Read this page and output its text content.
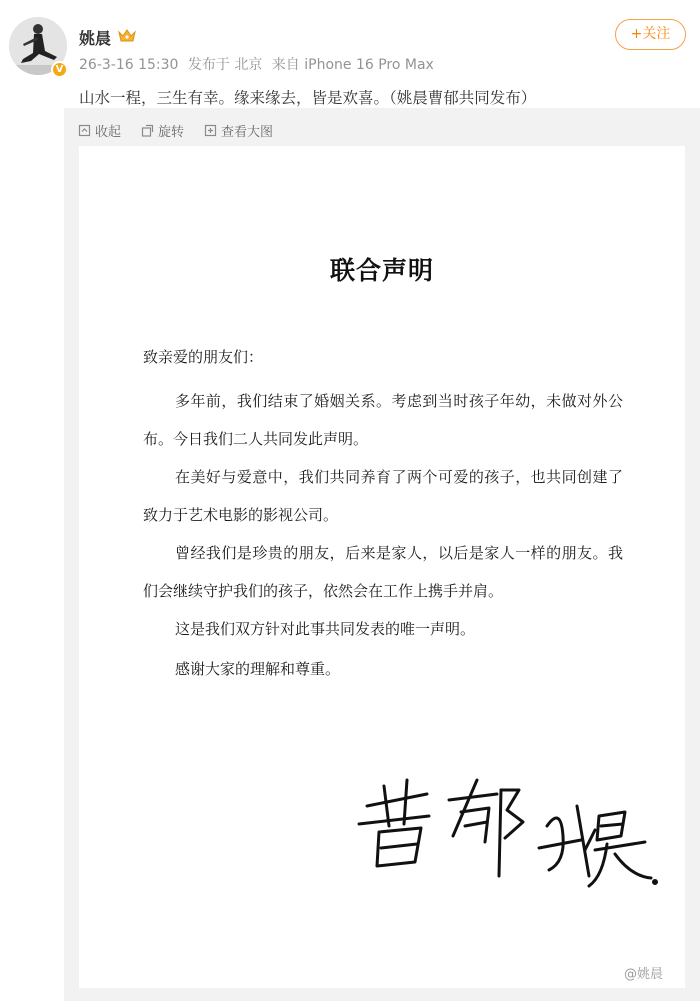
V
姚晨
26-3-16 15:30 发布于 北京 来自 iPhone 16 Pro Max
+关注
山水一程，三生有幸。缘来缘去，皆是欢喜。（姚晨曹郁共同发布）
收起	旋转	查看大图
联合声明
致亲爱的朋友们：
多年前，我们结束了婚姻关系。考虑到当时孩子年幼，未做对外公布。今日我们二人共同发此声明。
在美好与爱意中，我们共同养育了两个可爱的孩子，也共同创建了致力于艺术电影的影视公司。
曾经我们是珍贵的朋友，后来是家人，以后是家人一样的朋友。我们会继续守护我们的孩子，依然会在工作上携手并肩。
这是我们双方针对此事共同发表的唯一声明。
感谢大家的理解和尊重。
@姚晨
